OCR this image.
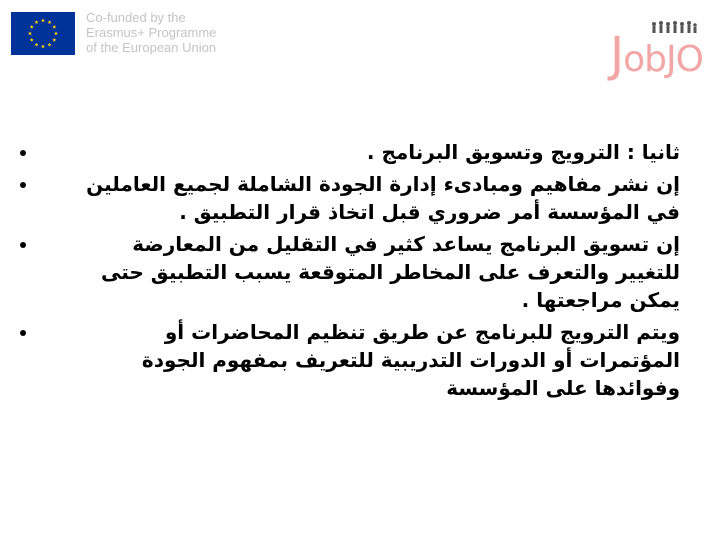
Co-funded by the
Erasmus+ Programme
of the European Union	JobJO
ثانيا : الترويج وتسويق البرنامج .
إن نشر مفاهيم ومبادىء إدارة الجودة الشاملة لجميع العاملين
في المؤسسة أمر ضروري قبل اتخاذ قرار التطبيق .
إن تسويق البرنامج يساعد كثير في التقليل من المعارضة
للتغيير والتعرف على المخاطر المتوقعة يسبب التطبيق حتى
يمكن مراجعتها .
ويتم الترويج للبرنامج عن طريق تنظيم المحاضرات أو
المؤتمرات أو الدورات التدريبية للتعريف بمفهوم الجودة
وفوائدها على المؤسسة
